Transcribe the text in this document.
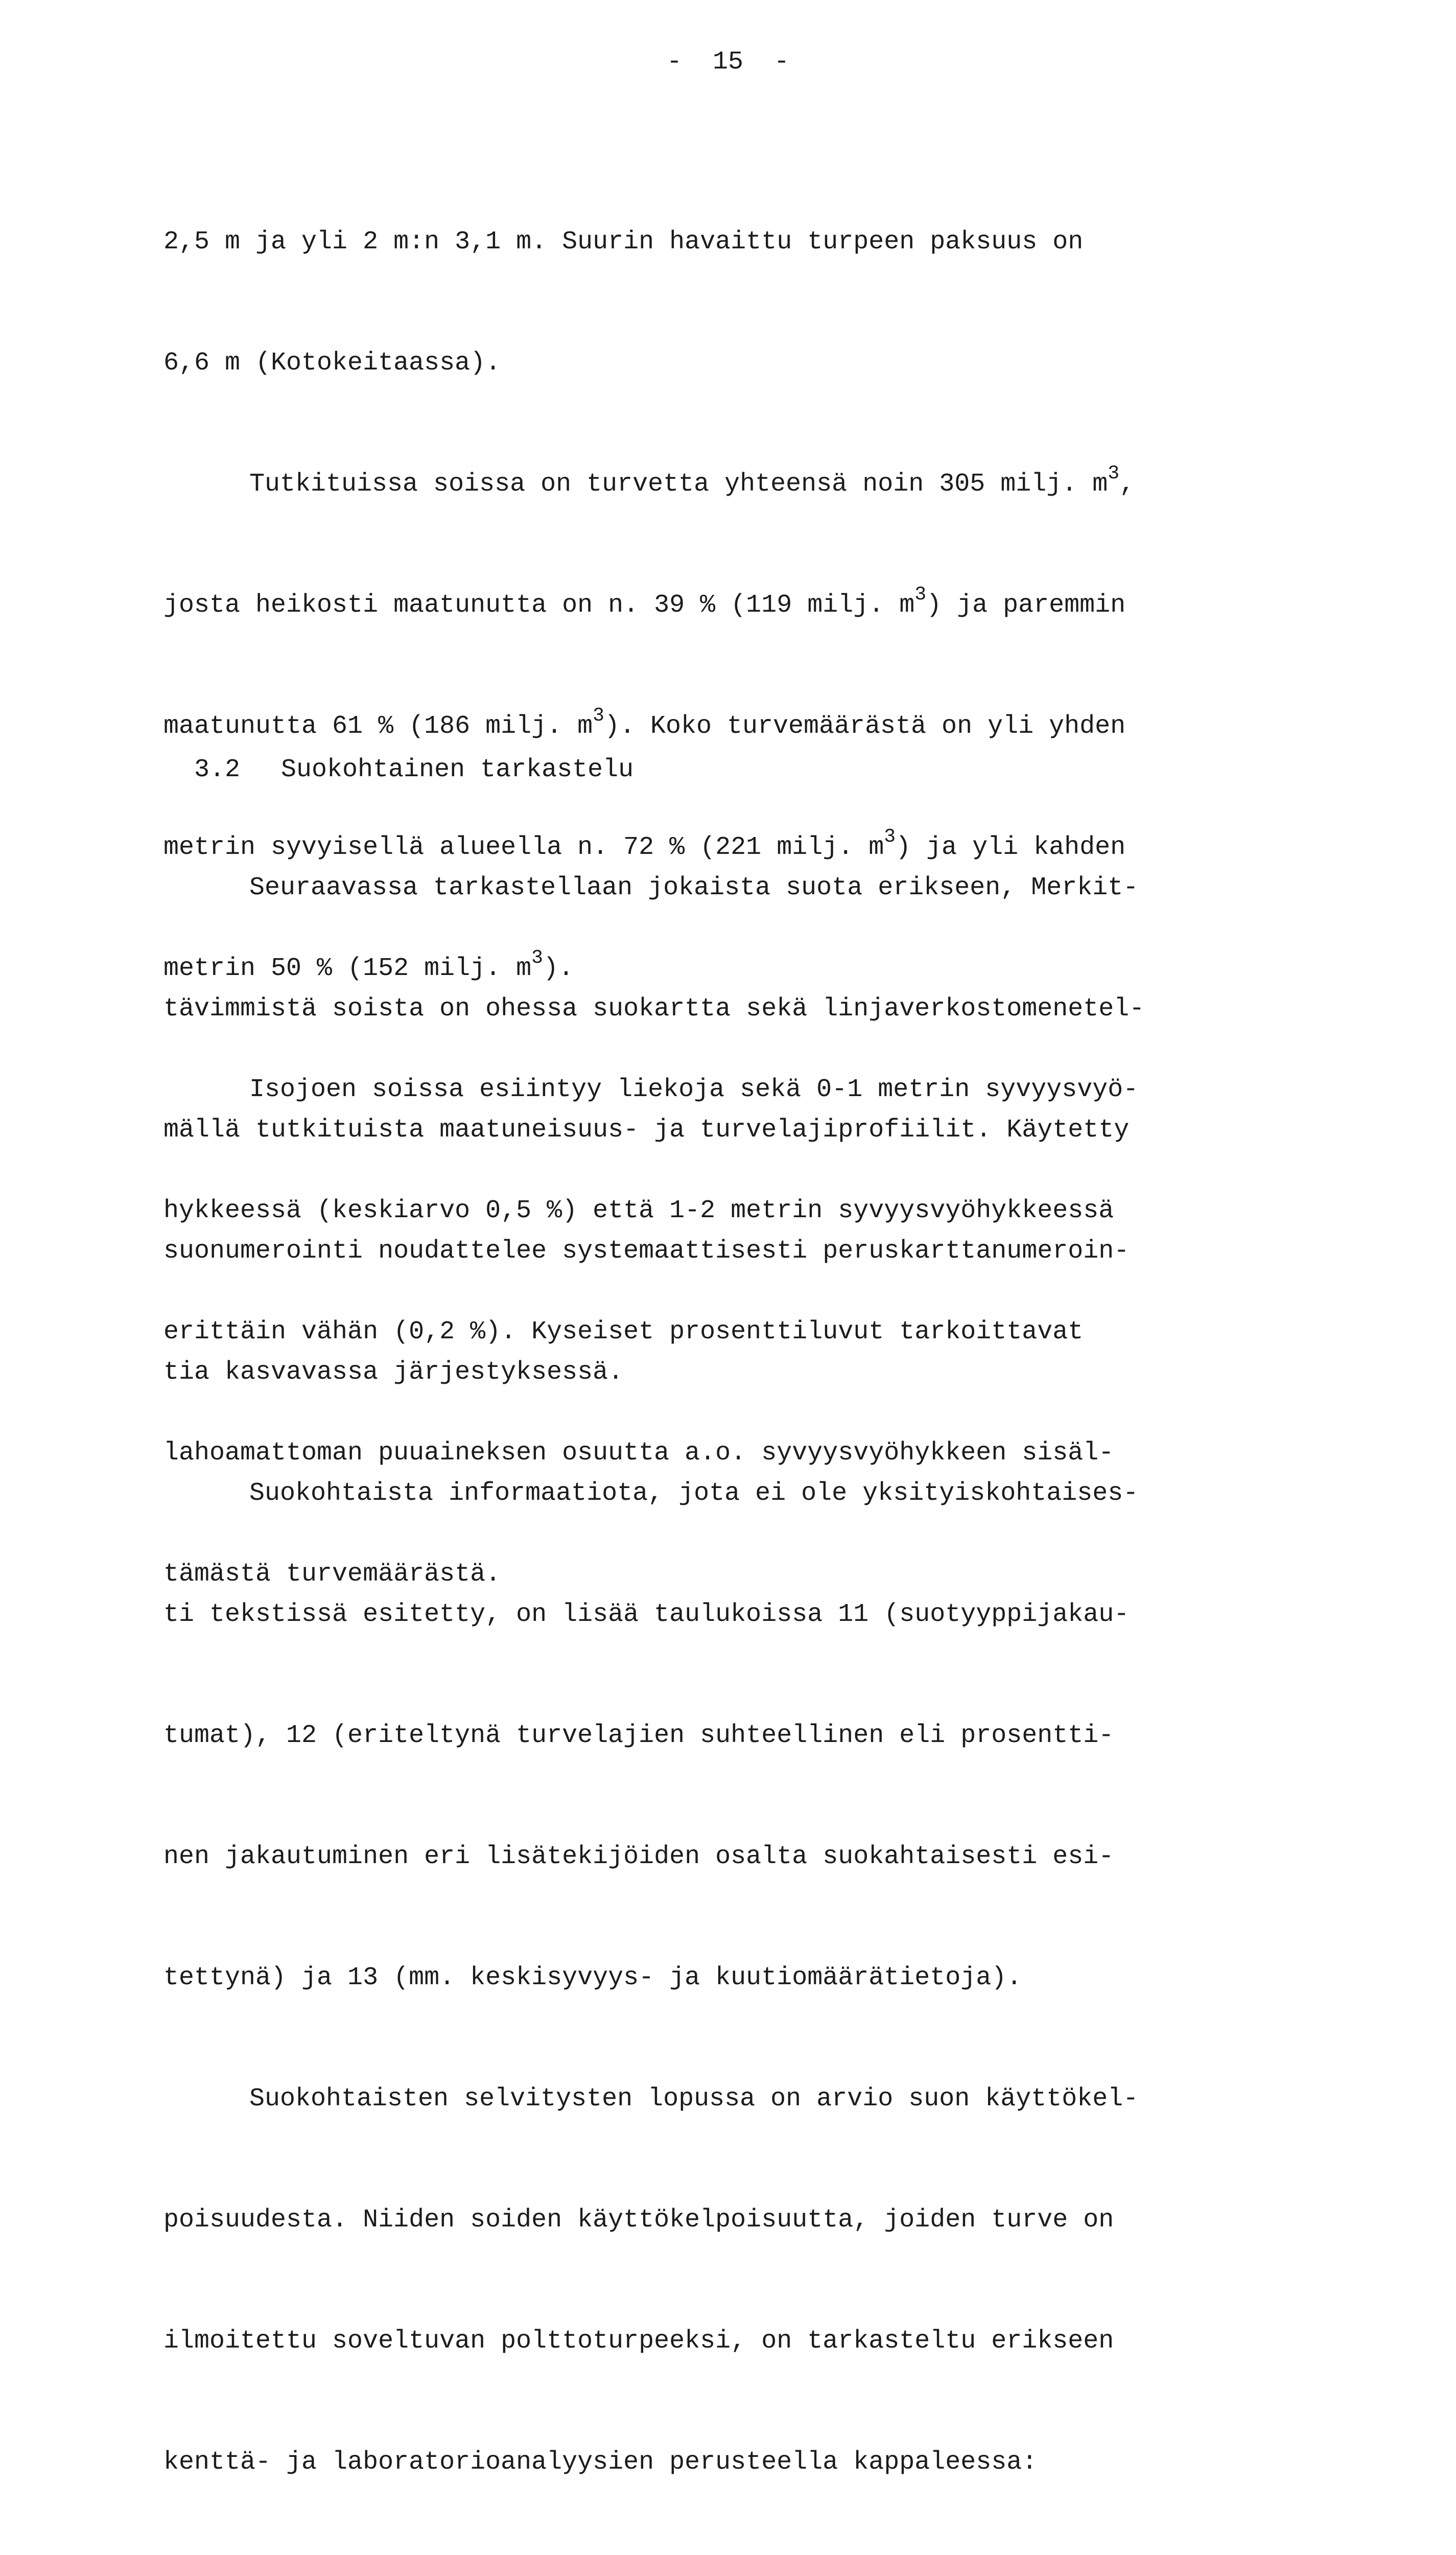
-  15  -

2,5 m ja yli 2 m:n 3,1 m. Suurin havaittu turpeen paksuus on

6,6 m (Kotokeitaassa).

Tutkituissa soissa on turvetta yhteensä noin 305 milj. $m^3$,

josta heikosti maatunutta on n. 39 % (119 milj. $m^3$) ja paremmin

maatunutta 61 % (186 milj. $m^3$). Koko turvemäärästä on yli yhden

metrin syvyisellä alueella n. 72 % (221 milj. $m^3$) ja yli kahden

metrin 50 % (152 milj. $m^3$).

Isojoen soissa esiintyy liekoja sekä 0-1 metrin syvyysvyö-

hykkeessä (keskiarvo 0,5 %) että 1-2 metrin syvyysvyöhykkeessä

erittäin vähän (0,2 %). Kyseiset prosenttiluvut tarkoittavat

lahoamattoman puuaineksen osuutta a.o. syvyysvyöhykkeen sisäl-

tämästä turvemäärästä.

3.2 Suokohtainen tarkastelu

Seuraavassa tarkastellaan jokaista suota erikseen, Merkit-

tävimmistä soista on ohessa suokartta sekä linjaverkostomenetel-

mällä tutkituista maatuneisuus- ja turvelajiprofiilit. Käytetty

suonumerointi noudattelee systemaattisesti peruskarttanumeroin-

tia kasvavassa järjestyksessä.

Suokohtaista informaatiota, jota ei ole yksityiskohtaises-

ti tekstissä esitetty, on lisää taulukoissa 11 (suotyyppijakau-

tumat), 12 (eriteltynä turvelajien suhteellinen eli prosentti-

nen jakautuminen eri lisätekijöiden osalta suokahtaisesti esi-

tettynä) ja 13 (mm. keskisyvyys- ja kuutiomäärätietoja).

Suokohtaisten selvitysten lopussa on arvio suon käyttökel-

poisuudesta. Niiden soiden käyttökelpoisuutta, joiden turve on

ilmoitettu soveltuvan polttoturpeeksi, on tarkasteltu erikseen

kenttä- ja laboratorioanalyysien perusteella kappaleessa:
